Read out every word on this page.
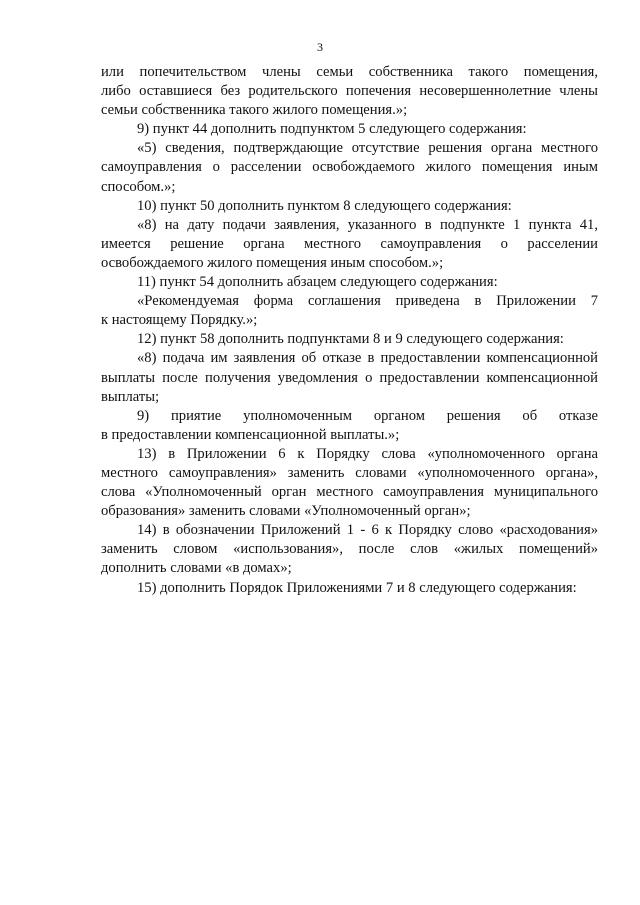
3
или попечительством члены семьи собственника такого помещения,
либо оставшиеся без родительского попечения несовершеннолетние члены
семьи собственника такого жилого помещения.»;
9) пункт 44 дополнить подпунктом 5 следующего содержания:
«5) сведения, подтверждающие отсутствие решения органа местного
самоуправления о расселении освобождаемого жилого помещения иным
способом.»;
10) пункт 50 дополнить пунктом 8 следующего содержания:
«8) на дату подачи заявления, указанного в подпункте 1 пункта 41,
имеется решение органа местного самоуправления о расселении
освобождаемого жилого помещения иным способом.»;
11) пункт 54 дополнить абзацем следующего содержания:
«Рекомендуемая форма соглашения приведена в Приложении 7
к настоящему Порядку.»;
12) пункт 58 дополнить подпунктами 8 и 9 следующего содержания:
«8) подача им заявления об отказе в предоставлении компенсационной
выплаты после получения уведомления о предоставлении компенсационной
выплаты;
9) приятие уполномоченным органом решения об отказе
в предоставлении компенсационной выплаты.»;
13) в Приложении 6 к Порядку слова «уполномоченного органа
местного самоуправления» заменить словами «уполномоченного органа»,
слова «Уполномоченный орган местного самоуправления муниципального
образования» заменить словами «Уполномоченный орган»;
14) в обозначении Приложений 1 - 6 к Порядку слово «расходования»
заменить словом «использования», после слов «жилых помещений»
дополнить словами «в домах»;
15) дополнить Порядок Приложениями 7 и 8 следующего содержания:
